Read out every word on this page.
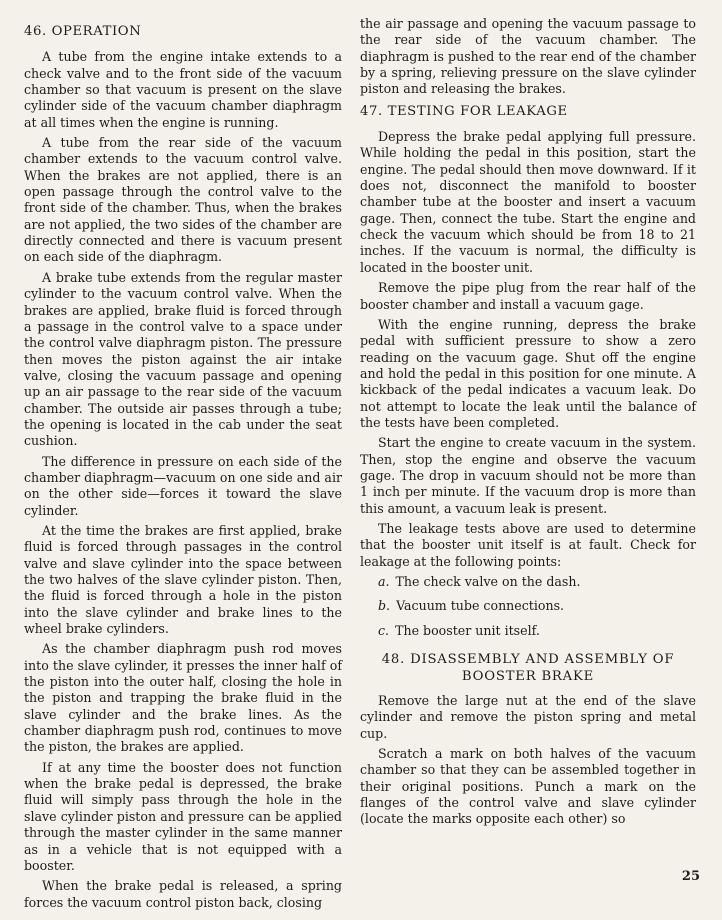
46. OPERATION

A tube from the engine intake extends to a check valve and to the front side of the vacuum chamber so that vacuum is present on the slave cylinder side of the vacuum chamber diaphragm at all times when the engine is running.

A tube from the rear side of the vacuum chamber extends to the vacuum control valve. When the brakes are not applied, there is an open passage through the control valve to the front side of the chamber. Thus, when the brakes are not applied, the two sides of the chamber are directly connected and there is vacuum present on each side of the diaphragm.

A brake tube extends from the regular master cylinder to the vacuum control valve. When the brakes are applied, brake fluid is forced through a passage in the control valve to a space under the control valve diaphragm piston. The pressure then moves the piston against the air intake valve, closing the vacuum passage and opening up an air passage to the rear side of the vacuum chamber. The outside air passes through a tube; the opening is located in the cab under the seat cushion.

The difference in pressure on each side of the chamber diaphragm—vacuum on one side and air on the other side—forces it toward the slave cylinder.

At the time the brakes are first applied, brake fluid is forced through passages in the control valve and slave cylinder into the space between the two halves of the slave cylinder piston. Then, the fluid is forced through a hole in the piston into the slave cylinder and brake lines to the wheel brake cylinders.

As the chamber diaphragm push rod moves into the slave cylinder, it presses the inner half of the piston into the outer half, closing the hole in the piston and trapping the brake fluid in the slave cylinder and the brake lines. As the chamber diaphragm push rod, continues to move the piston, the brakes are applied.

If at any time the booster does not function when the brake pedal is depressed, the brake fluid will simply pass through the hole in the slave cylinder piston and pressure can be applied through the master cylinder in the same manner as in a vehicle that is not equipped with a booster.

When the brake pedal is released, a spring forces the vacuum control piston back, closing

the air passage and opening the vacuum passage to the rear side of the vacuum chamber. The diaphragm is pushed to the rear end of the chamber by a spring, relieving pressure on the slave cylinder piston and releasing the brakes.

47. TESTING FOR LEAKAGE

Depress the brake pedal applying full pressure. While holding the pedal in this position, start the engine. The pedal should then move downward. If it does not, disconnect the manifold to booster chamber tube at the booster and insert a vacuum gage. Then, connect the tube. Start the engine and check the vacuum which should be from 18 to 21 inches. If the vacuum is normal, the difficulty is located in the booster unit.

Remove the pipe plug from the rear half of the booster chamber and install a vacuum gage.

With the engine running, depress the brake pedal with sufficient pressure to show a zero reading on the vacuum gage. Shut off the engine and hold the pedal in this position for one minute. A kickback of the pedal indicates a vacuum leak. Do not attempt to locate the leak until the balance of the tests have been completed.

Start the engine to create vacuum in the system. Then, stop the engine and observe the vacuum gage. The drop in vacuum should not be more than 1 inch per minute. If the vacuum drop is more than this amount, a vacuum leak is present.

The leakage tests above are used to determine that the booster unit itself is at fault. Check for leakage at the following points:

a. The check valve on the dash.
b. Vacuum tube connections.
c. The booster unit itself.
48. DISASSEMBLY AND ASSEMBLY OF BOOSTER BRAKE

Remove the large nut at the end of the slave cylinder and remove the piston spring and metal cup.

Scratch a mark on both halves of the vacuum chamber so that they can be assembled together in their original positions. Punch a mark on the flanges of the control valve and slave cylinder (locate the marks opposite each other) so

25
